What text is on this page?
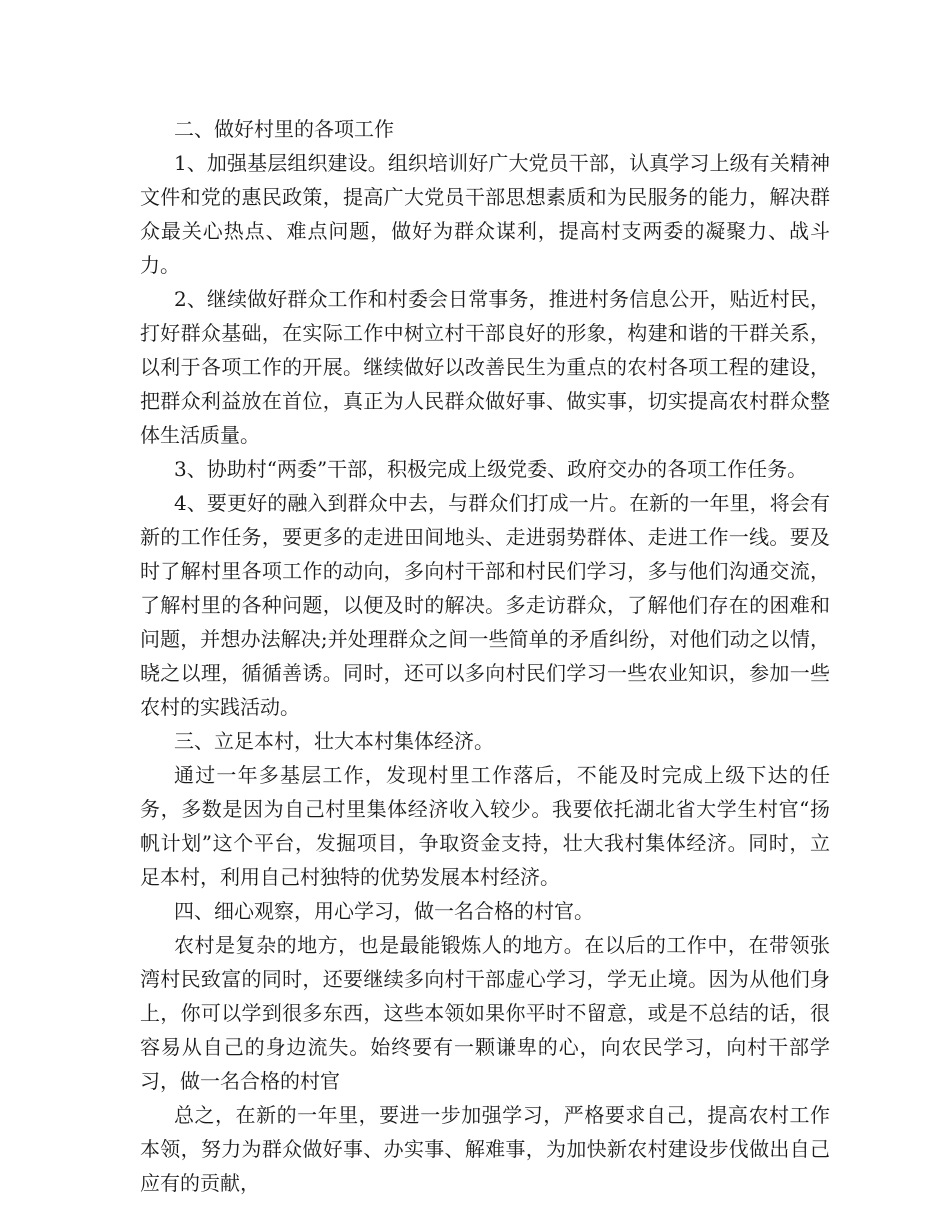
二、做好村里的各项工作

1、加强基层组织建设。组织培训好广大党员干部，认真学习上级有关精神文件和党的惠民政策，提高广大党员干部思想素质和为民服务的能力，解决群众最关心热点、难点问题，做好为群众谋利，提高村支两委的凝聚力、战斗力。

2、继续做好群众工作和村委会日常事务，推进村务信息公开，贴近村民，打好群众基础，在实际工作中树立村干部良好的形象，构建和谐的干群关系，以利于各项工作的开展。继续做好以改善民生为重点的农村各项工程的建设，把群众利益放在首位，真正为人民群众做好事、做实事，切实提高农村群众整体生活质量。

3、协助村“两委”干部，积极完成上级党委、政府交办的各项工作任务。

4、要更好的融入到群众中去，与群众们打成一片。在新的一年里，将会有新的工作任务，要更多的走进田间地头、走进弱势群体、走进工作一线。要及时了解村里各项工作的动向，多向村干部和村民们学习，多与他们沟通交流，了解村里的各种问题，以便及时的解决。多走访群众，了解他们存在的困难和问题，并想办法解决;并处理群众之间一些简单的矛盾纠纷，对他们动之以情，晓之以理，循循善诱。同时，还可以多向村民们学习一些农业知识，参加一些农村的实践活动。

三、立足本村，壮大本村集体经济。

通过一年多基层工作，发现村里工作落后，不能及时完成上级下达的任务，多数是因为自己村里集体经济收入较少。我要依托湖北省大学生村官“扬帆计划”这个平台，发掘项目，争取资金支持，壮大我村集体经济。同时，立足本村，利用自己村独特的优势发展本村经济。

四、细心观察，用心学习，做一名合格的村官。

农村是复杂的地方，也是最能锻炼人的地方。在以后的工作中，在带领张湾村民致富的同时，还要继续多向村干部虚心学习，学无止境。因为从他们身上，你可以学到很多东西，这些本领如果你平时不留意，或是不总结的话，很容易从自己的身边流失。始终要有一颗谦卑的心，向农民学习，向村干部学习，做一名合格的村官

总之，在新的一年里，要进一步加强学习，严格要求自己，提高农村工作本领，努力为群众做好事、办实事、解难事，为加快新农村建设步伐做出自己应有的贡献，
